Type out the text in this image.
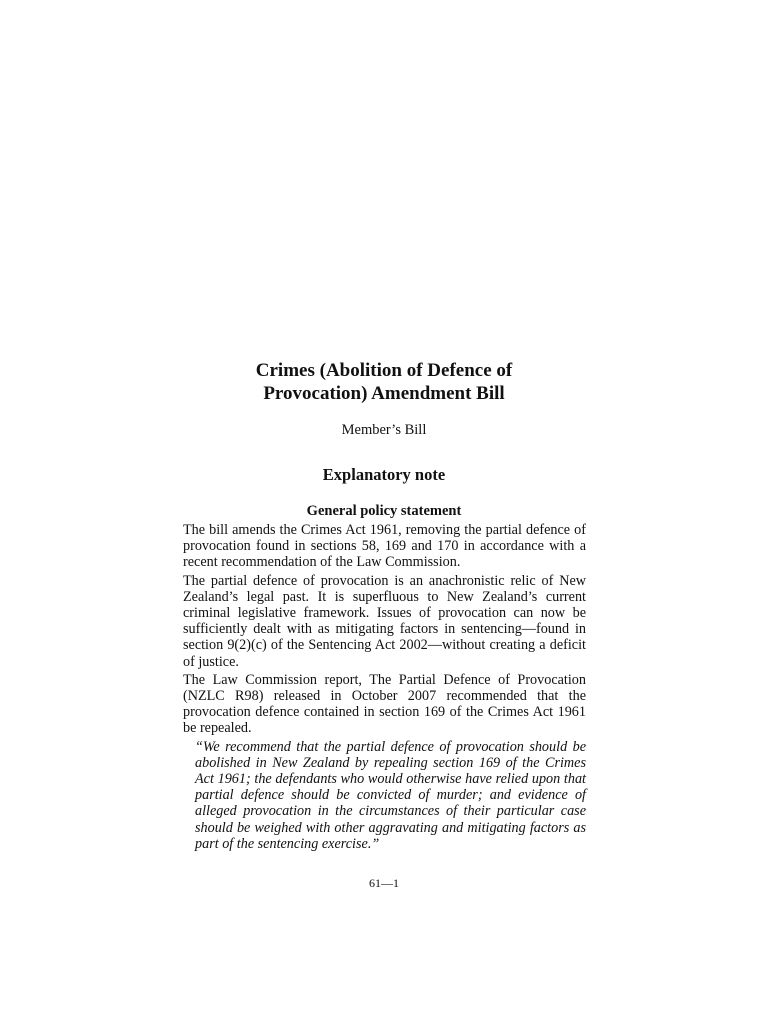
Crimes (Abolition of Defence of
Provocation) Amendment Bill

Member’s Bill

Explanatory note
General policy statement

The bill amends the Crimes Act 1961, removing the partial defence of provocation found in sections 58, 169 and 170 in accordance with a recent recommendation of the Law Commission.

The partial defence of provocation is an anachronistic relic of New Zealand’s legal past. It is superfluous to New Zealand’s current criminal legislative framework. Issues of provocation can now be sufficiently dealt with as mitigating factors in sentencing—found in section 9(2)(c) of the Sentencing Act 2002—without creating a deficit of justice.

The Law Commission report, The Partial Defence of Provocation (NZLC R98) released in October 2007 recommended that the provocation defence contained in section 169 of the Crimes Act 1961 be repealed.

“We recommend that the partial defence of provocation should be abolished in New Zealand by repealing section 169 of the Crimes Act 1961; the defendants who would otherwise have relied upon that partial defence should be convicted of murder; and evidence of alleged provocation in the circumstances of their particular case should be weighed with other aggravating and mitigating factors as part of the sentencing exercise.”

61—1
